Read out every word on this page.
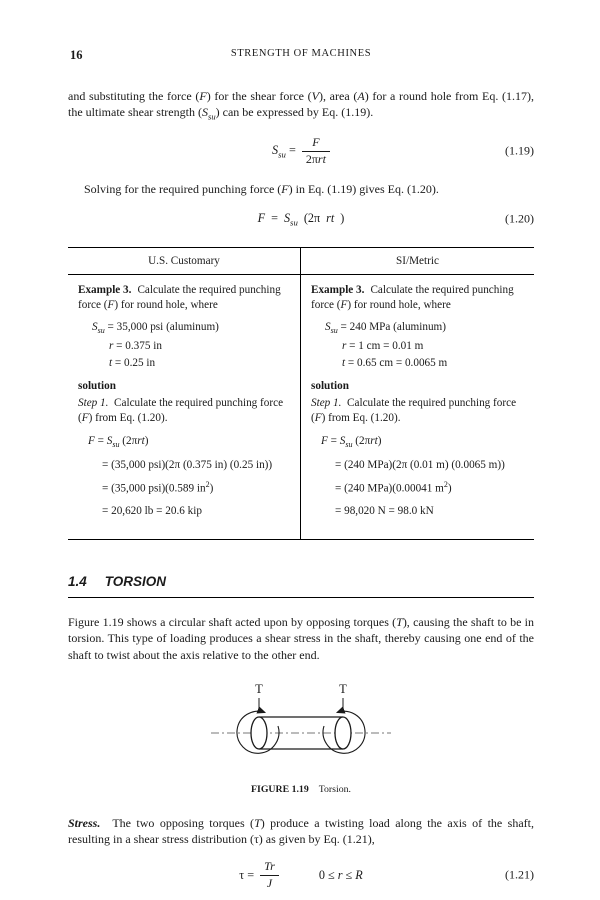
16	STRENGTH OF MACHINES

and substituting the force (F) for the shear force (V), area (A) for a round hole from Eq. (1.17), the ultimate shear strength $(S_{su})$ can be expressed by Eq. (1.19).

$S_{su} = \frac{F}{\text{2πrt}}$	(1.19)

Solving for the required punching force (F) in Eq. (1.19) gives Eq. (1.20).

$F = S_{su}$ (2π rt )	(1.20)
U.S. Customary	SI/Metric

Example 3. Calculate the required punching force (F) for round hole, where

$S_{su} = 35,000$ psi (aluminum)
r = 0.375 in
t = 0.25 in

solution

Step 1. Calculate the required punching force (F) from Eq. (1.20).

$F = S_{su}$ (2πrt)
= (35,000 psi)(2π (0.375 in) (0.25 in))
= (35,000 psi)(0.589 $in^2$)
= 20,620 lb = 20.6 kip

Example 3. Calculate the required punching force (F) for round hole, where

$S_{su} = 240$ MPa (aluminum)
r = 1 cm = 0.01 m
t = 0.65 cm = 0.0065 m

solution

Step 1. Calculate the required punching force (F) from Eq. (1.20).

$F = S_{su}$ (2πrt)
= (240 MPa)(2π (0.01 m) (0.0065 m))
= (240 MPa)(0.00041 $m^2$)
= 98,020 N = 98.0 kN
1.4 TORSION

Figure 1.19 shows a circular shaft acted upon by opposing torques (T), causing the shaft to be in torsion. This type of loading produces a shear stress in the shaft, thereby causing one end of the shaft to twist about the axis relative to the other end.

T	T
FIGURE 1.19 Torsion.

Stress. The two opposing torques (T) produce a twisting load along the axis of the shaft, resulting in a shear stress distribution (τ) as given by Eq. (1.21),

$\tau = \frac{Tr}{J}$	0 ≤ r ≤ R	(1.21)
